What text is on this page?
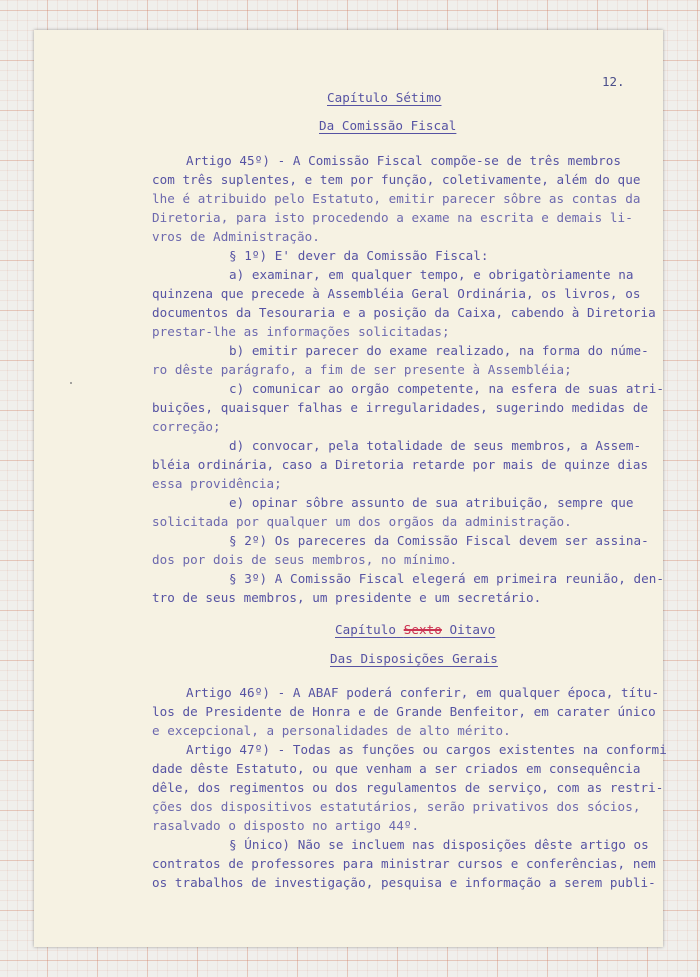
12.
Capítulo Sétimo
Da Comissão Fiscal
Artigo 45º) - A Comissão Fiscal compõe-se de três membros
com três suplentes, e tem por função, coletivamente, além do que
lhe é atribuido pelo Estatuto, emitir parecer sôbre as contas da
Diretoria, para isto procedendo a exame na escrita e demais li-
vros de Administração.
§ 1º) E' dever da Comissão Fiscal:
a) examinar, em qualquer tempo, e obrigatòriamente na
quinzena que precede à Assembléia Geral Ordinária, os livros, os
documentos da Tesouraria e a posição da Caixa, cabendo à Diretoria
prestar-lhe as informações solicitadas;
b) emitir parecer do exame realizado, na forma do núme-
ro dêste parágrafo, a fim de ser presente à Assembléia;
c) comunicar ao orgão competente, na esfera de suas atri-
buições, quaisquer falhas e irregularidades, sugerindo medidas de
correção;
d) convocar, pela totalidade de seus membros, a Assem-
bléia ordinária, caso a Diretoria retarde por mais de quinze dias
essa providência;
e) opinar sôbre assunto de sua atribuição, sempre que
solicitada por qualquer um dos orgãos da administração.
§ 2º) Os pareceres da Comissão Fiscal devem ser assina-
dos por dois de seus membros, no mínimo.
§ 3º) A Comissão Fiscal elegerá em primeira reunião, den-
tro de seus membros, um presidente e um secretário.
Capítulo Sexto Oitavo
Das Disposições Gerais
Artigo 46º) - A ABAF poderá conferir, em qualquer época, títu-
los de Presidente de Honra e de Grande Benfeitor, em carater único
e excepcional, a personalidades de alto mérito.
Artigo 47º) - Todas as funções ou cargos existentes na conformi
dade dêste Estatuto, ou que venham a ser criados em consequência
dêle, dos regimentos ou dos regulamentos de serviço, com as restri-
ções dos dispositivos estatutários, serão privativos dos sócios,
rasalvado o disposto no artigo 44º.
§ Único) Não se incluem nas disposições dêste artigo os
contratos de professores para ministrar cursos e conferências, nem
os trabalhos de investigação, pesquisa e informação a serem publi-
